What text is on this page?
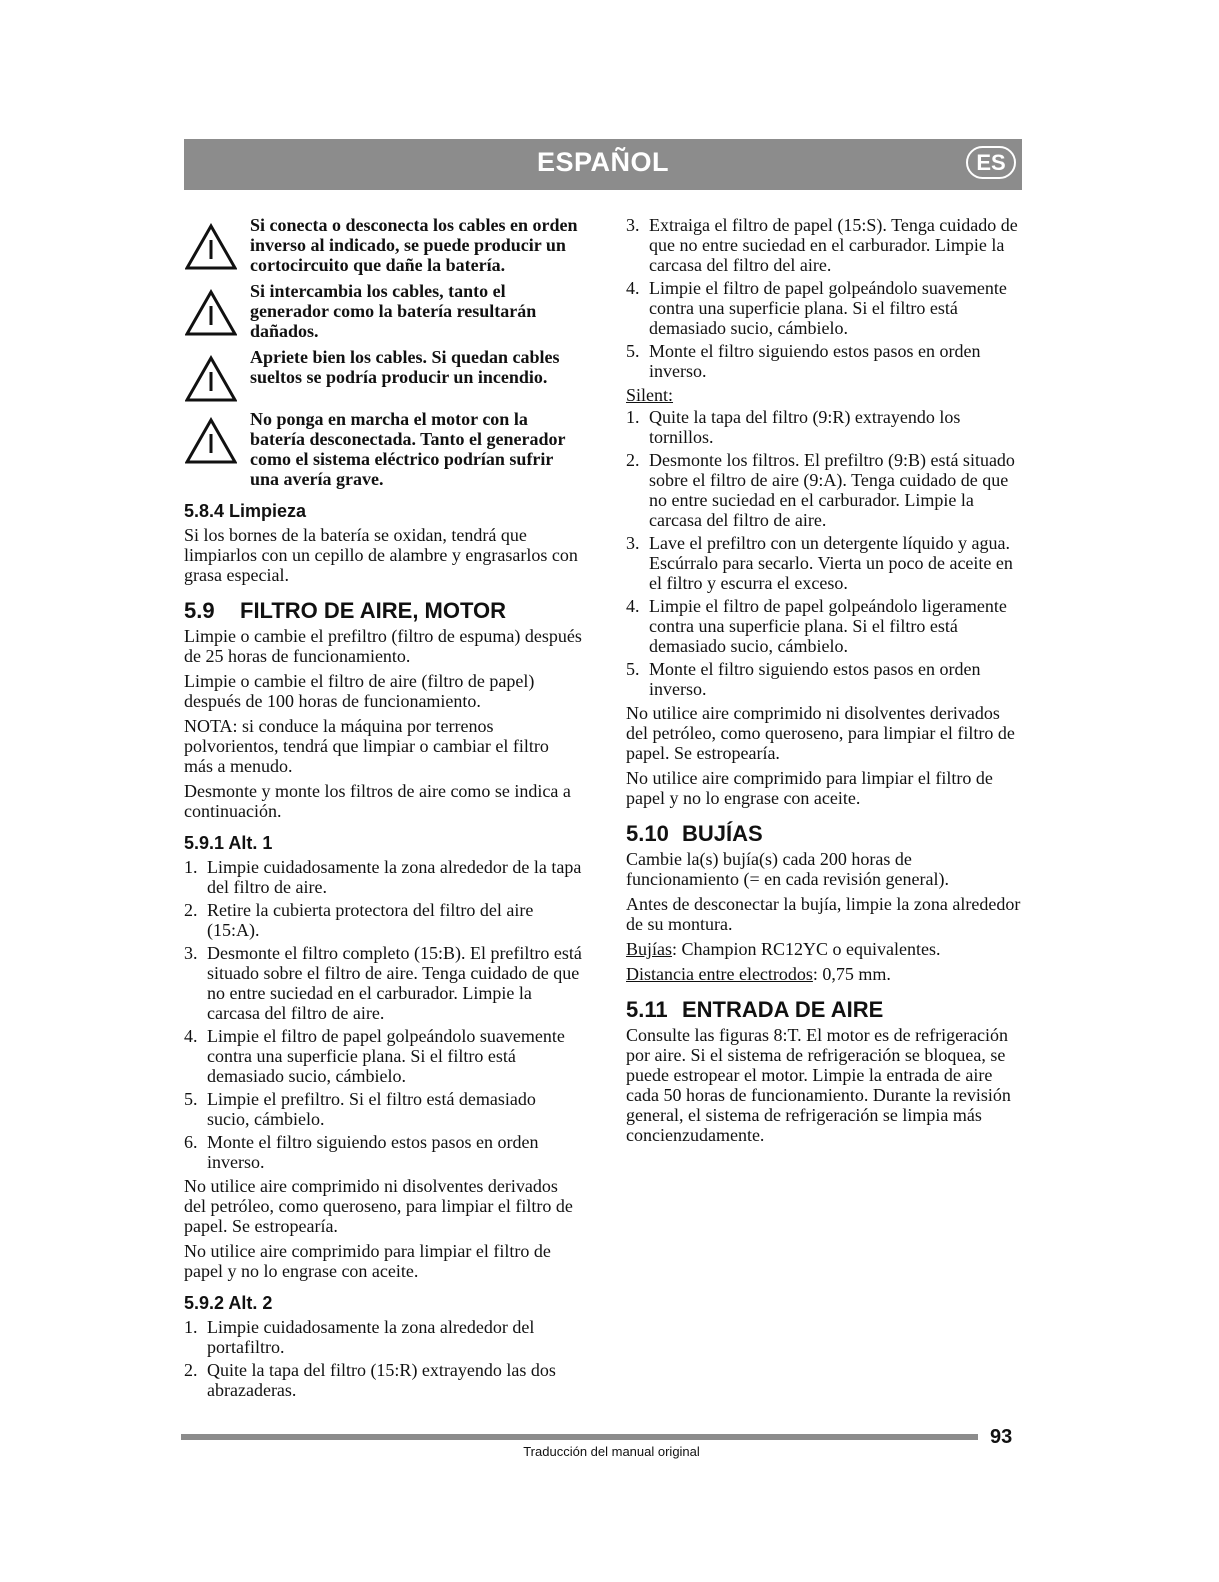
ESPAÑOL	ES
Si conecta o desconecta los cables en orden inverso al indicado, se puede producir un cortocircuito que dañe la batería.
Si intercambia los cables, tanto el generador como la batería resultarán dañados.
Apriete bien los cables. Si quedan cables sueltos se podría producir un incendio.
No ponga en marcha el motor con la batería desconectada. Tanto el generador como el sistema eléctrico podrían sufrir una avería grave.
5.8.4 Limpieza

Si los bornes de la batería se oxidan, tendrá que limpiarlos con un cepillo de alambre y engrasarlos con grasa especial.

5.9 FILTRO DE AIRE, MOTOR

Limpie o cambie el prefiltro (filtro de espuma) después de 25 horas de funcionamiento.

Limpie o cambie el filtro de aire (filtro de papel) después de 100 horas de funcionamiento.

NOTA: si conduce la máquina por terrenos polvorientos, tendrá que limpiar o cambiar el filtro más a menudo.

Desmonte y monte los filtros de aire como se indica a continuación.

5.9.1 Alt. 1
1. Limpie cuidadosamente la zona alrededor de la tapa del filtro de aire.
2. Retire la cubierta protectora del filtro del aire (15:A).
3. Desmonte el filtro completo (15:B). El prefiltro está situado sobre el filtro de aire. Tenga cuidado de que no entre suciedad en el carburador. Limpie la carcasa del filtro de aire.
4. Limpie el filtro de papel golpeándolo suavemente contra una superficie plana. Si el filtro está demasiado sucio, cámbielo.
5. Limpie el prefiltro. Si el filtro está demasiado sucio, cámbielo.
6. Monte el filtro siguiendo estos pasos en orden inverso.

No utilice aire comprimido ni disolventes derivados del petróleo, como queroseno, para limpiar el filtro de papel. Se estropearía.

No utilice aire comprimido para limpiar el filtro de papel y no lo engrase con aceite.

5.9.2 Alt. 2
1. Limpie cuidadosamente la zona alrededor del portafiltro.
2. Quite la tapa del filtro (15:R) extrayendo las dos abrazaderas.
3. Extraiga el filtro de papel (15:S). Tenga cuidado de que no entre suciedad en el carburador. Limpie la carcasa del filtro del aire.
4. Limpie el filtro de papel golpeándolo suavemente contra una superficie plana. Si el filtro está demasiado sucio, cámbielo.
5. Monte el filtro siguiendo estos pasos en orden inverso.

Silent:

1. Quite la tapa del filtro (9:R) extrayendo los tornillos.
2. Desmonte los filtros. El prefiltro (9:B) está situado sobre el filtro de aire (9:A). Tenga cuidado de que no entre suciedad en el carburador. Limpie la carcasa del filtro de aire.
3. Lave el prefiltro con un detergente líquido y agua. Escúrralo para secarlo. Vierta un poco de aceite en el filtro y escurra el exceso.
4. Limpie el filtro de papel golpeándolo ligeramente contra una superficie plana. Si el filtro está demasiado sucio, cámbielo.
5. Monte el filtro siguiendo estos pasos en orden inverso.

No utilice aire comprimido ni disolventes derivados del petróleo, como queroseno, para limpiar el filtro de papel. Se estropearía.

No utilice aire comprimido para limpiar el filtro de papel y no lo engrase con aceite.

5.10 BUJÍAS

Cambie la(s) bujía(s) cada 200 horas de funcionamiento (= en cada revisión general).

Antes de desconectar la bujía, limpie la zona alrededor de su montura.

Bujías: Champion RC12YC o equivalentes.

Distancia entre electrodos: 0,75 mm.

5.11 ENTRADA DE AIRE

Consulte las figuras 8:T. El motor es de refrigeración por aire. Si el sistema de refrigeración se bloquea, se puede estropear el motor. Limpie la entrada de aire cada 50 horas de funcionamiento. Durante la revisión general, el sistema de refrigeración se limpia más concienzudamente.

93
Traducción del manual original
